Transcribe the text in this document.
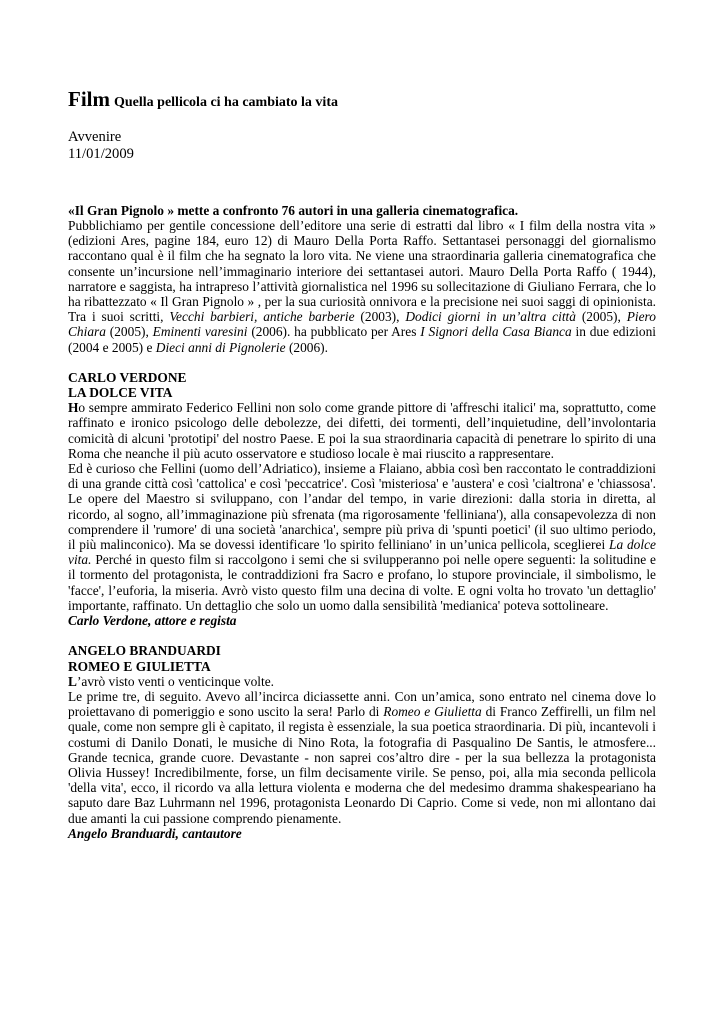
Film Quella pellicola ci ha cambiato la vita

Avvenire
11/01/2009

«Il Gran Pignolo » mette a confronto 76 autori in una galleria cinematografica.

Pubblichiamo per gentile concessione dell’editore una serie di estratti dal libro « I film della nostra vita » (edizioni Ares, pagine 184, euro 12) di Mauro Della Porta Raffo. Settantasei personaggi del giornalismo raccontano qual è il film che ha segnato la loro vita. Ne viene una straordinaria galleria cinematografica che consente un’incursione nell’immaginario interiore dei settantasei autori. Mauro Della Porta Raffo ( 1944), narratore e saggista, ha intrapreso l’attività giornalistica nel 1996 su sollecitazione di Giuliano Ferrara, che lo ha ribattezzato « Il Gran Pignolo » , per la sua curiosità onnivora e la precisione nei suoi saggi di opinionista. Tra i suoi scritti, Vecchi barbieri, antiche barberie (2003), Dodici giorni in un’altra città (2005), Piero Chiara (2005), Eminenti varesini (2006). ha pubblicato per Ares I Signori della Casa Bianca in due edizioni (2004 e 2005) e Dieci anni di Pignolerie (2006).

CARLO VERDONE

LA DOLCE VITA

Ho sempre ammirato Federico Fellini non solo come grande pittore di 'affreschi italici' ma, soprattutto, come raffinato e ironico psicologo delle debolezze, dei difetti, dei tormenti, dell’inquietudine, dell’involontaria comicità di alcuni 'prototipi' del nostro Paese. E poi la sua straordinaria capacità di penetrare lo spirito di una Roma che neanche il più acuto osservatore e studioso locale è mai riuscito a rappresentare.

Ed è curioso che Fellini (uomo dell’Adriatico), insieme a Flaiano, abbia così ben raccontato le contraddizioni di una grande città così 'cattolica' e così 'peccatrice'. Così 'misteriosa' e 'austera' e così 'cialtrona' e 'chiassosa'. Le opere del Maestro si sviluppano, con l’andar del tempo, in varie direzioni: dalla storia in diretta, al ricordo, al sogno, all’immaginazione più sfrenata (ma rigorosamente 'felliniana'), alla consapevolezza di non comprendere il 'rumore' di una società 'anarchica', sempre più priva di 'spunti poetici' (il suo ultimo periodo, il più malinconico). Ma se dovessi identificare 'lo spirito felliniano' in un’unica pellicola, sceglierei La dolce vita. Perché in questo film si raccolgono i semi che si svilupperanno poi nelle opere seguenti: la solitudine e il tormento del protagonista, le contraddizioni fra Sacro e profano, lo stupore provinciale, il simbolismo, le 'facce', l’euforia, la miseria. Avrò visto questo film una decina di volte. E ogni volta ho trovato 'un dettaglio' importante, raffinato. Un dettaglio che solo un uomo dalla sensibilità 'medianica' poteva sottolineare.

Carlo Verdone, attore e regista

ANGELO BRANDUARDI

ROMEO E GIULIETTA

L’avrò visto venti o venticinque volte.

Le prime tre, di seguito. Avevo all’incirca diciassette anni. Con un’amica, sono entrato nel cinema dove lo proiettavano di pomeriggio e sono uscito la sera! Parlo di Romeo e Giulietta di Franco Zeffirelli, un film nel quale, come non sempre gli è capitato, il regista è essenziale, la sua poetica straordinaria. Di più, incantevoli i costumi di Danilo Donati, le musiche di Nino Rota, la fotografia di Pasqualino De Santis, le atmosfere... Grande tecnica, grande cuore. Devastante - non saprei cos’altro dire - per la sua bellezza la protagonista Olivia Hussey! Incredibilmente, forse, un film decisamente virile. Se penso, poi, alla mia seconda pellicola 'della vita', ecco, il ricordo va alla lettura violenta e moderna che del medesimo dramma shakespeariano ha saputo dare Baz Luhrmann nel 1996, protagonista Leonardo Di Caprio. Come si vede, non mi allontano dai due amanti la cui passione comprendo pienamente.

Angelo Branduardi, cantautore
